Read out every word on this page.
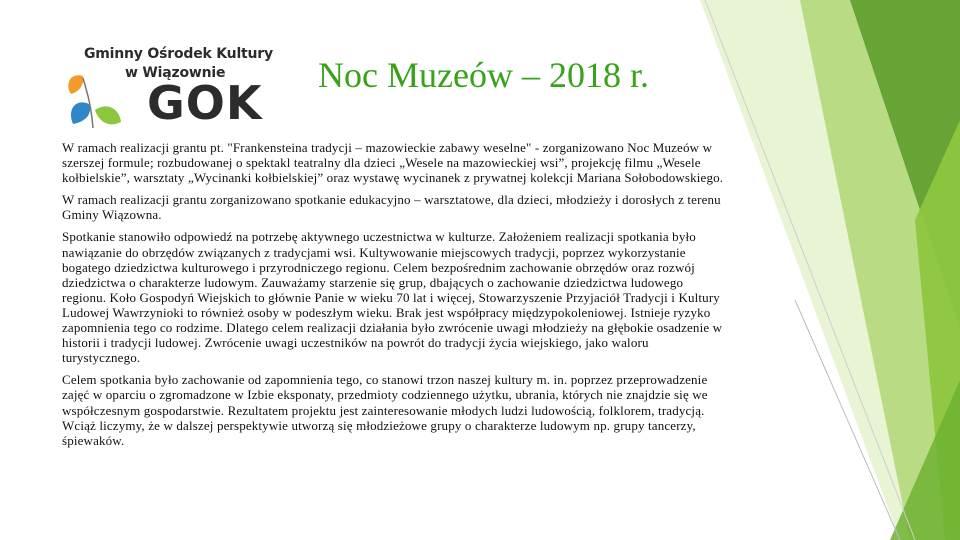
Gminny Ośrodek Kultury
w Wiązownie
GOK
Noc Muzeów – 2018 r.

W ramach realizacji grantu pt. "Frankensteina tradycji – mazowieckie zabawy weselne" - zorganizowano Noc Muzeów w szerszej formule; rozbudowanej o spektakl teatralny dla dzieci „Wesele na mazowieckiej wsi”, projekcję filmu „Wesele kołbielskie”, warsztaty „Wycinanki kołbielskiej” oraz wystawę wycinanek z prywatnej kolekcji Mariana Sołobodowskiego.

W ramach realizacji grantu zorganizowano spotkanie edukacyjno – warsztatowe, dla dzieci, młodzieży i dorosłych z terenu Gminy Wiązowna.

Spotkanie stanowiło odpowiedź na potrzebę aktywnego uczestnictwa w kulturze. Założeniem realizacji spotkania było nawiązanie do obrzędów związanych z tradycjami wsi. Kultywowanie miejscowych tradycji, poprzez wykorzystanie bogatego dziedzictwa kulturowego i przyrodniczego regionu. Celem bezpośrednim zachowanie obrzędów oraz rozwój dziedzictwa o charakterze ludowym. Zauważamy starzenie się grup, dbających o zachowanie dziedzictwa ludowego regionu. Koło Gospodyń Wiejskich to głównie Panie w wieku 70 lat i więcej, Stowarzyszenie Przyjaciół Tradycji i Kultury Ludowej Wawrzynioki to również osoby w podeszłym wieku. Brak jest współpracy międzypokoleniowej. Istnieje ryzyko zapomnienia tego co rodzime. Dlatego celem realizacji działania było zwrócenie uwagi młodzieży na głębokie osadzenie w historii i tradycji ludowej. Zwrócenie uwagi uczestników na powrót do tradycji życia wiejskiego, jako waloru turystycznego.

Celem spotkania było zachowanie od zapomnienia tego, co stanowi trzon naszej kultury m. in. poprzez przeprowadzenie zajęć w oparciu o zgromadzone w Izbie eksponaty, przedmioty codziennego użytku, ubrania, których nie znajdzie się we współczesnym gospodarstwie. Rezultatem projektu jest zainteresowanie młodych ludzi ludowością, folklorem, tradycją. Wciąż liczymy, że w dalszej perspektywie utworzą się młodzieżowe grupy o charakterze ludowym np. grupy tancerzy, śpiewaków.
